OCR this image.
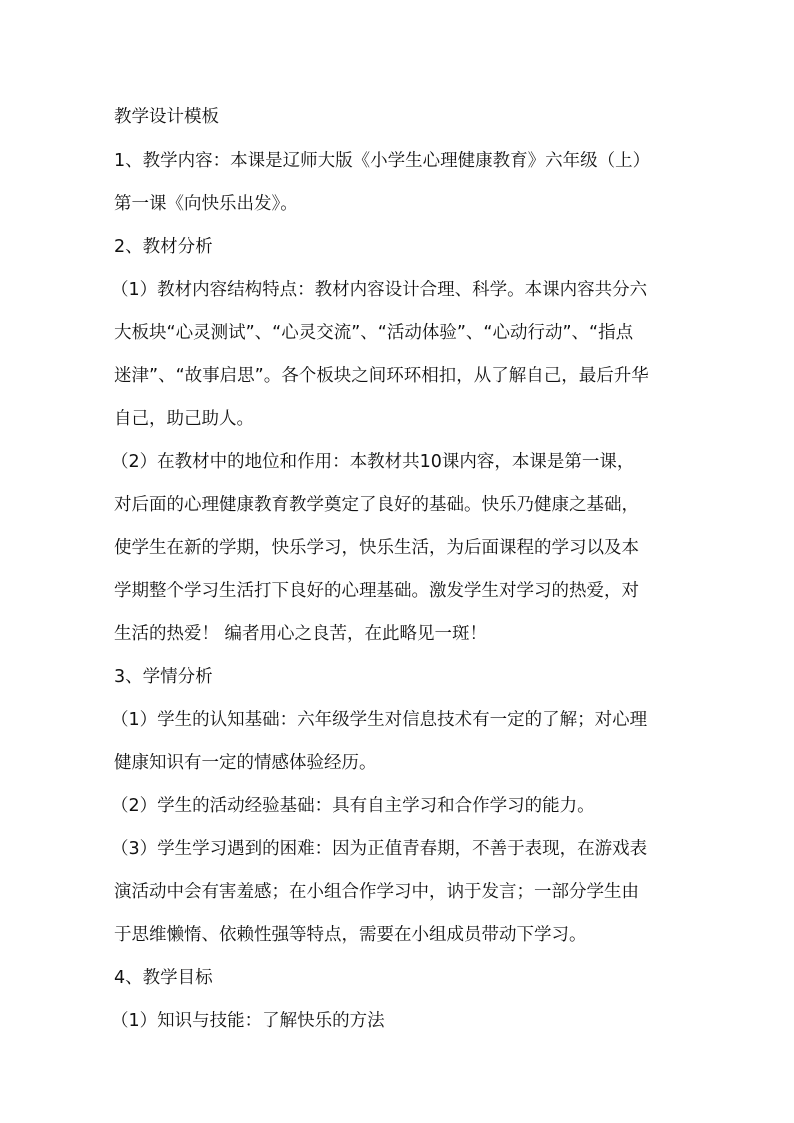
教学设计模板
1、教学内容：本课是辽师大版《小学生心理健康教育》六年级（上）
第一课《向快乐出发》。
2、教材分析
（1）教材内容结构特点：教材内容设计合理、科学。本课内容共分六
大板块“心灵测试”、“心灵交流”、“活动体验”、“心动行动”、“指点
迷津”、“故事启思”。各个板块之间环环相扣，从了解自己，最后升华
自己，助己助人。
（2）在教材中的地位和作用：本教材共10课内容，本课是第一课，
对后面的心理健康教育教学奠定了良好的基础。快乐乃健康之基础，
使学生在新的学期，快乐学习，快乐生活，为后面课程的学习以及本
学期整个学习生活打下良好的心理基础。激发学生对学习的热爱，对
生活的热爱！ 编者用心之良苦，在此略见一斑！
3、学情分析
（1）学生的认知基础：六年级学生对信息技术有一定的了解；对心理
健康知识有一定的情感体验经历。
（2）学生的活动经验基础：具有自主学习和合作学习的能力。
（3）学生学习遇到的困难：因为正值青春期，不善于表现，在游戏表
演活动中会有害羞感；在小组合作学习中，讷于发言；一部分学生由
于思维懒惰、依赖性强等特点，需要在小组成员带动下学习。
4、教学目标
（1）知识与技能：了解快乐的方法
